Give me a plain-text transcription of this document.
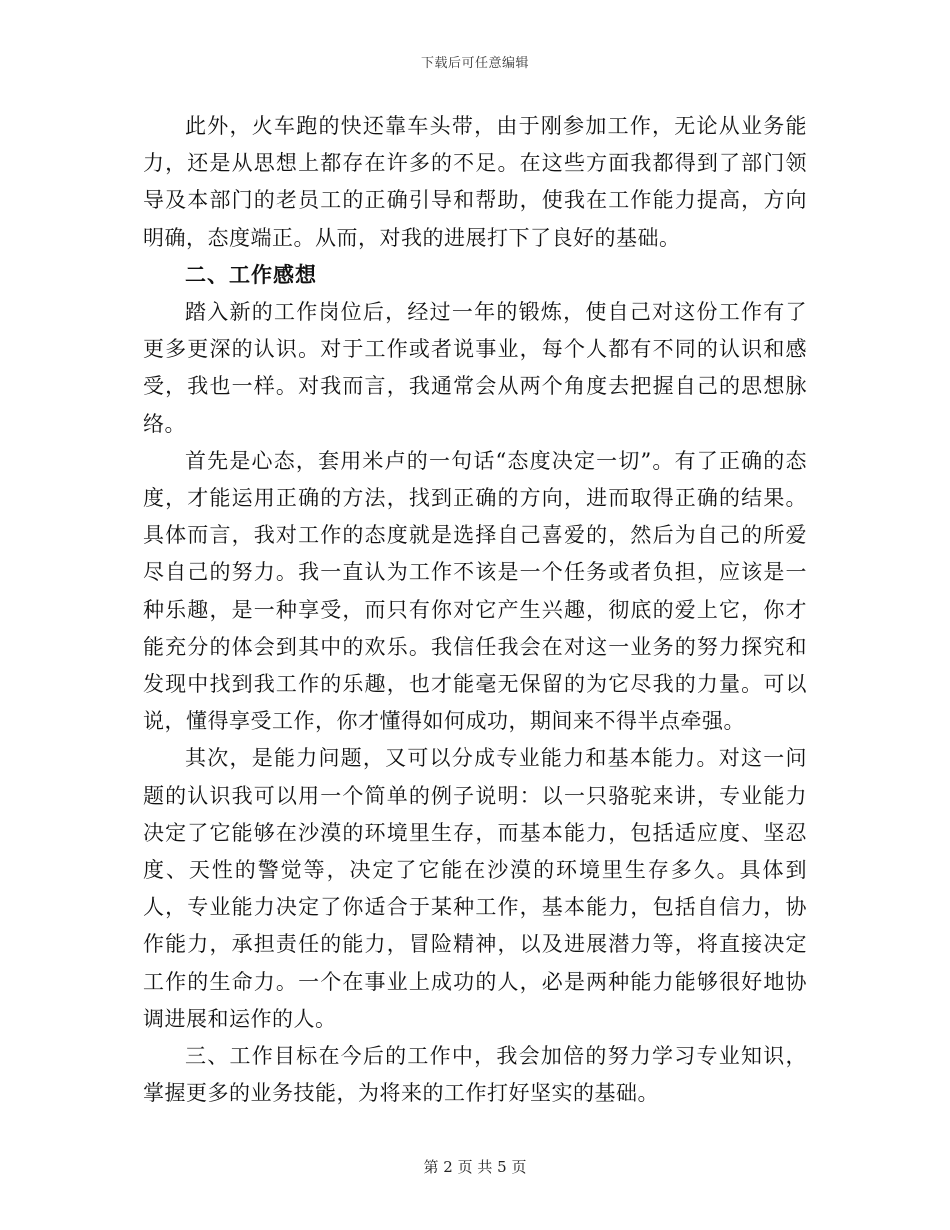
下载后可任意编辑

此外，火车跑的快还靠车头带，由于刚参加工作，无论从业务能力，还是从思想上都存在许多的不足。在这些方面我都得到了部门领导及本部门的老员工的正确引导和帮助，使我在工作能力提高，方向明确，态度端正。从而，对我的进展打下了良好的基础。

二、工作感想

踏入新的工作岗位后，经过一年的锻炼，使自己对这份工作有了更多更深的认识。对于工作或者说事业，每个人都有不同的认识和感受，我也一样。对我而言，我通常会从两个角度去把握自己的思想脉络。

首先是心态，套用米卢的一句话“态度决定一切”。有了正确的态度，才能运用正确的方法，找到正确的方向，进而取得正确的结果。具体而言，我对工作的态度就是选择自己喜爱的，然后为自己的所爱尽自己的努力。我一直认为工作不该是一个任务或者负担，应该是一种乐趣，是一种享受，而只有你对它产生兴趣，彻底的爱上它，你才能充分的体会到其中的欢乐。我信任我会在对这一业务的努力探究和发现中找到我工作的乐趣，也才能毫无保留的为它尽我的力量。可以说，懂得享受工作，你才懂得如何成功，期间来不得半点牵强。

其次，是能力问题，又可以分成专业能力和基本能力。对这一问题的认识我可以用一个简单的例子说明：以一只骆驼来讲，专业能力决定了它能够在沙漠的环境里生存，而基本能力，包括适应度、坚忍度、天性的警觉等，决定了它能在沙漠的环境里生存多久。具体到人，专业能力决定了你适合于某种工作，基本能力，包括自信力，协作能力，承担责任的能力，冒险精神，以及进展潜力等，将直接决定工作的生命力。一个在事业上成功的人，必是两种能力能够很好地协调进展和运作的人。

三、工作目标在今后的工作中，我会加倍的努力学习专业知识，掌握更多的业务技能，为将来的工作打好坚实的基础。

第 2 页 共 5 页
